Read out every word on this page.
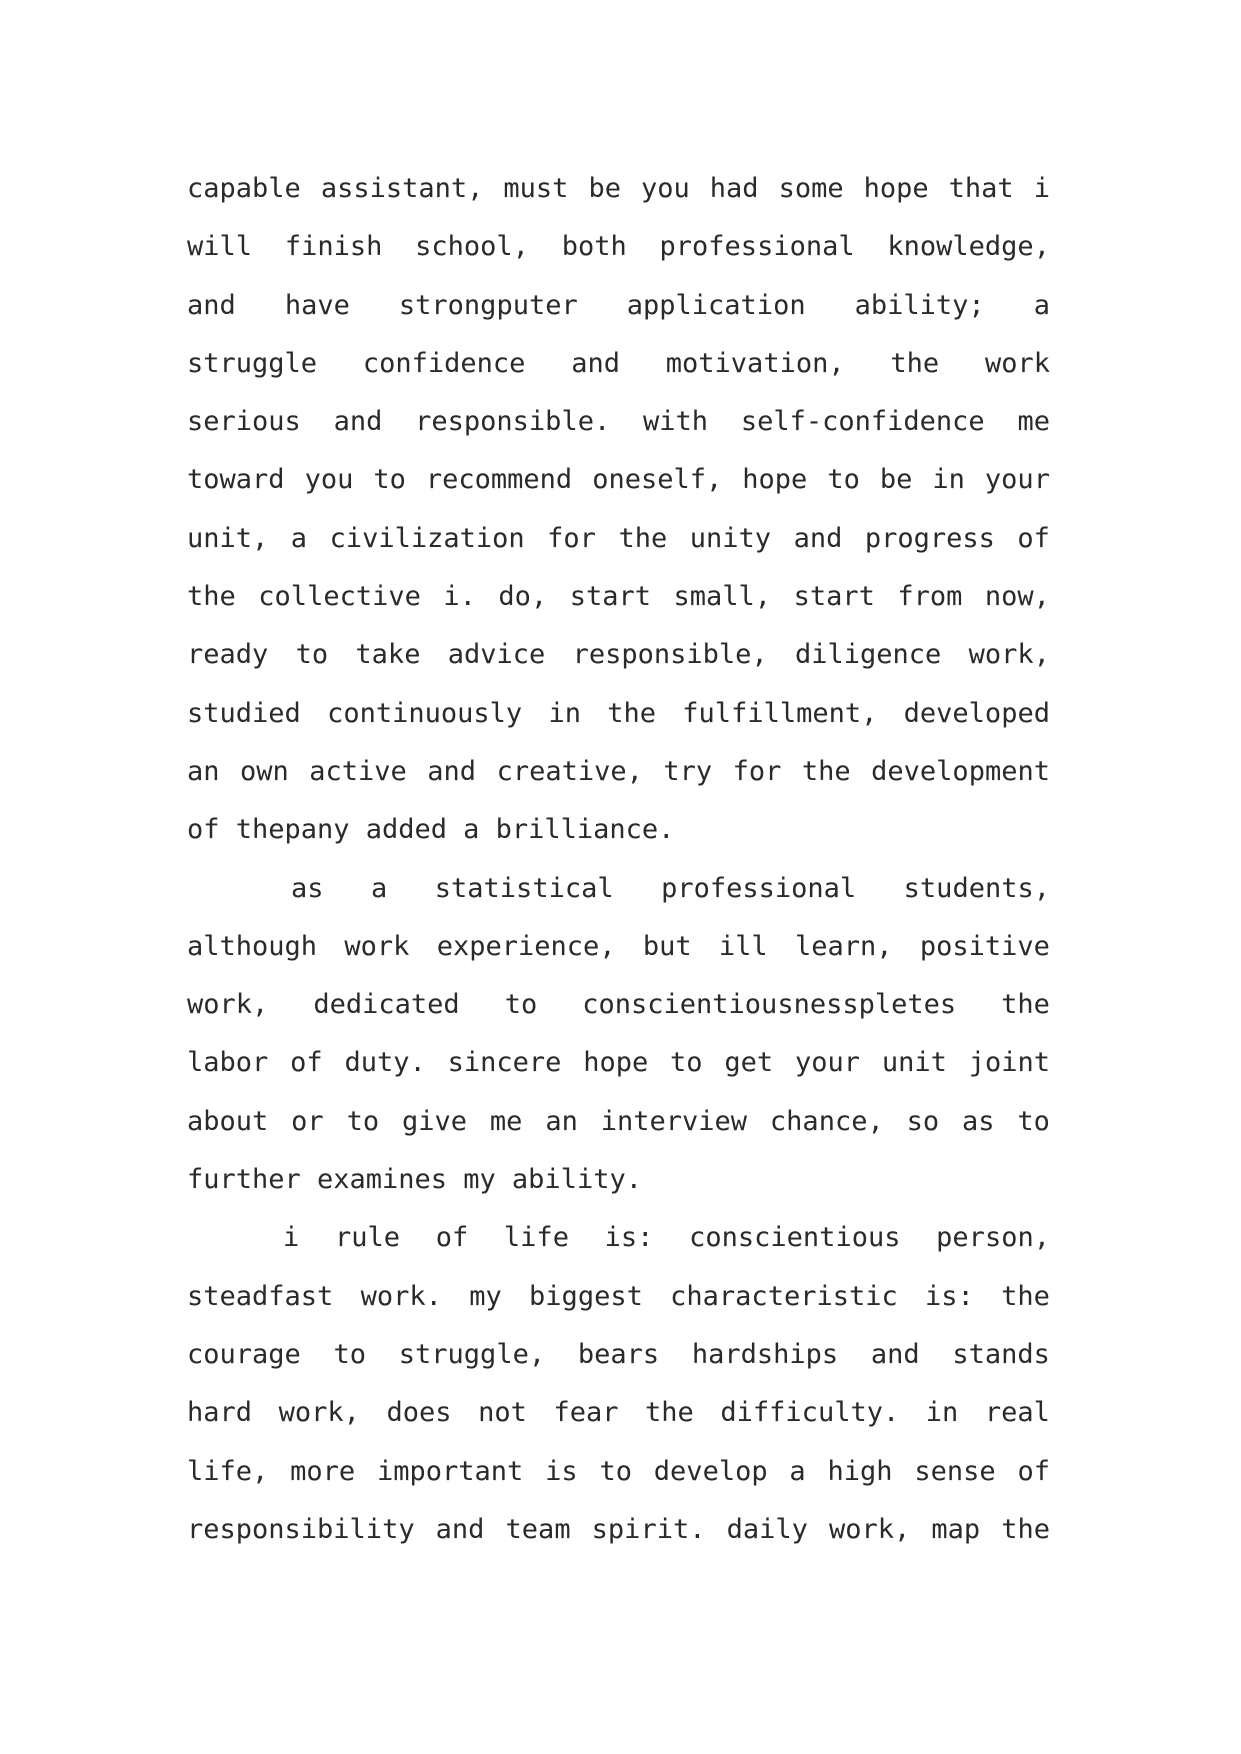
capable assistant, must be you had some hope that i
will finish school, both professional knowledge,
and have strongputer application ability; a
struggle confidence and motivation, the work
serious and responsible. with self-confidence me
toward you to recommend oneself, hope to be in your
unit, a civilization for the unity and progress of
the collective i. do, start small, start from now,
ready to take advice responsible, diligence work,
studied continuously in the fulfillment, developed
an own active and creative, try for the development
of thepany added a brilliance.
as a statistical professional students,
although work experience, but ill learn, positive
work, dedicated to conscientiousnesspletes the
labor of duty. sincere hope to get your unit joint
about or to give me an interview chance, so as to
further examines my ability.
i rule of life is: conscientious person,
steadfast work. my biggest characteristic is: the
courage to struggle, bears hardships and stands
hard work, does not fear the difficulty. in real
life, more important is to develop a high sense of
responsibility and team spirit. daily work, map the
